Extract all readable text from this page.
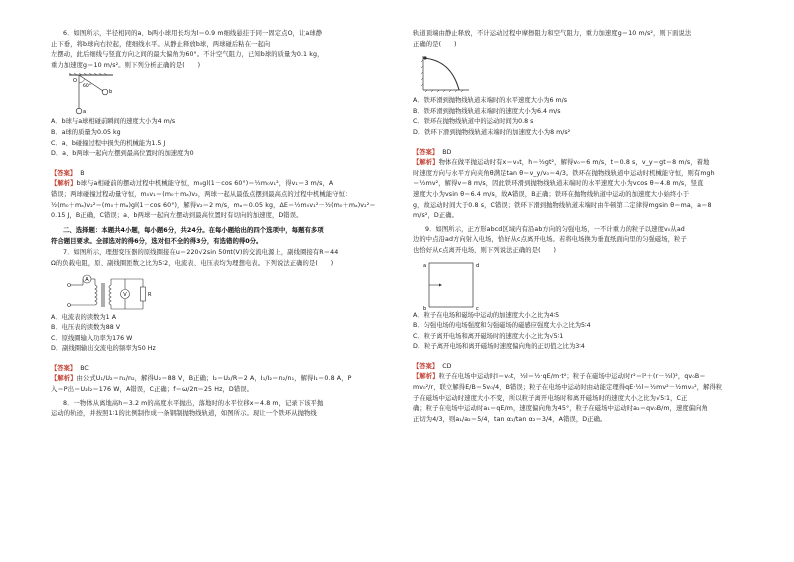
6．如图所示，半径相同的a、b两小球用长均为l＝0.9 m细线悬挂于同一固定点O，让a球静

止下垂，将b球向右拉起，使细线水平。从静止释放b球，两球碰后粘在一起向

左摆动，此后细线与竖直方向之间的最大偏角为60°。不计空气阻力，已知b球的质量为0.1 kg，

重力加速度g＝10 m/s²。则下列分析正确的是(　　)

O
60°
b
a

A．b球与a球相碰前瞬间的速度大小为4 m/s

B．a球的质量为0.05 kg

C．a、b碰撞过程中损失的机械能为1.5 J

D．a、b两球一起向左摆到最高位置时的加速度为0

【答案】 B

【解析】b球与a相碰前的摆动过程中机械能守恒，m₀gl(1－cos 60°)＝½m₀v₁²，得v₁＝3 m/s，A

错误；两球碰撞过程动量守恒，m₀v₁＝(m₀＋mₐ)v₂，两球一起从最低点摆到最高点的过程中机械能守恒：

½(m₀＋mₐ)v₂²＝(m₀＋mₐ)gl(1－cos 60°)，解得v₂＝2 m/s，mₐ＝0.05 kg，ΔE＝½m₀v₁²－½(m₀＋mₐ)v₂²＝

0.15 J，B正确，C错误；a、b两球一起向左摆动到最高位置时有切向的加速度，D错误。

二、选择题：本题共4小题，每小题6分，共24分。在每小题给出的四个选项中，每题有多项

符合题目要求。全部选对的得6分，选对但不全的得3分，有选错的得0分。

7．如图所示，理想变压器的原线圈接在u＝220√2sin 50πt(V)的交流电源上，副线圈接有R＝44

Ω的负载电阻，原、副线圈匝数之比为5∶2，电流表、电压表均为理想电表。下列说法正确的是(　　)

A
V	R

A．电流表的读数为1 A

B．电压表的读数为88 V

C．原线圈输入功率为176 W

D．副线圈输出交流电的频率为50 Hz

【答案】 BC

【解析】由公式U₁/U₂＝n₁/n₂，解得U₂＝88 V，B正确；I₂＝U₂/R＝2 A，I₁/I₂＝n₂/n₁，解得I₁＝0.8 A，P

入＝P出＝U₂I₂＝176 W，A错误，C正确；f＝ω/2π＝25 Hz，D错误。

8．一物体从离地高h＝3.2 m的高度水平抛出，落地时的水平位移x＝4.8 m，记录下该平抛

运动的轨迹，并按照1∶1的比例制作成一条钢制抛物线轨道，如图所示。现让一个铁环从抛物线

轨道顶端由静止释放，不计运动过程中摩擦阻力和空气阻力，重力加速度g＝10 m/s²，则下面说法

正确的是(　　)

A．铁环滑到抛物线轨道末端时的水平速度大小为6 m/s

B．铁环滑到抛物线轨道末端时的速度大小为6.4 m/s

C．铁环在抛物线轨道中的运动时间为0.8 s

D．铁环下滑到抛物线轨道末端时的加速度大小为8 m/s²

【答案】 BD

【解析】物体在做平抛运动时有x＝v₀t，h＝½gt²，解得v₀＝6 m/s，t＝0.8 s，v_y＝gt＝8 m/s，着地

时速度方向与水平方向夹角θ满足tan θ＝v_y/v₀＝4/3。铁环在抛物线轨道中运动时机械能守恒，则有mgh

＝½mv²，解得v＝8 m/s，因此铁环滑到抛物线轨道末端时的水平速度大小为vcos θ＝4.8 m/s，竖直

速度大小为vsin θ＝6.4 m/s，故A错误，B正确；铁环在抛物线轨道中运动的加速度大小始终小于

g，故运动时间大于0.8 s，C错误；铁环下滑到抛物线轨道末端时由牛顿第二定律得mgsin θ＝ma，a＝8

m/s²，D正确。

9．如图所示，正方形abcd区域内有沿ab方向的匀强电场，一不计重力的粒子以速度v₀从ad

边的中点沿ad方向射入电场，恰好从c点离开电场。若将电场换为垂直纸面向里的匀强磁场，粒子

也恰好从c点离开电场，则下列说法正确的是(　　)

a	d
b	c

A．粒子在电场和磁场中运动的加速度大小之比为4∶5

B．匀强电场的电场强度和匀强磁场的磁感应强度大小之比为5∶4

C．粒子离开电场和离开磁场时的速度大小之比为√5∶1

D．粒子离开电场和离开磁场时速度偏向角的正切值之比为3∶4

【答案】 CD

【解析】粒子在电场中运动时l＝v₀t，½l＝½·qE/m·t²；粒子在磁场中运动时r²＝l²＋(r－½l)²，qv₀B＝

mv₀²/r，联立解得E/B＝5v₀/4，B错误；粒子在电场中运动时由动能定理得qE·½l＝½mv²－½mv₀²，解得粒

子在磁场中运动时速度大小不变，所以粒子离开电场时和离开磁场时的速度大小之比为√5∶1，C正

确；粒子在电场中运动时a₁＝qE/m，速度偏向角为45°，粒子在磁场中运动时a₂＝qv₀B/m，速度偏向角

正切为4/3，则a₁/a₂＝5/4，tan α₁/tan α₂＝3/4，A错误，D正确。
